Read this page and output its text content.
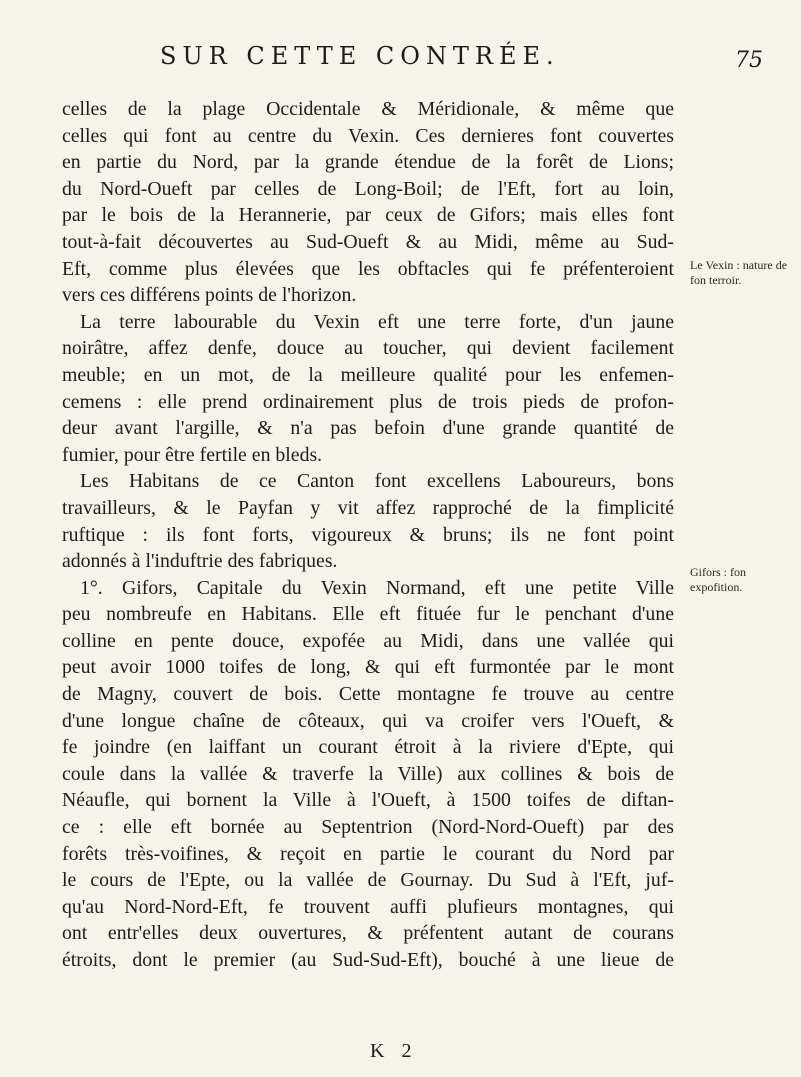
SUR CETTE CONTRÉE.	75
celles de la plage Occidentale & Méridionale, & même que
celles qui font au centre du Vexin. Ces dernieres font couvertes
en partie du Nord, par la grande étendue de la forêt de Lions;
du Nord-Oueft par celles de Long-Boil; de l'Eft, fort au loin,
par le bois de la Herannerie, par ceux de Gifors; mais elles font
tout-à-fait découvertes au Sud-Oueft & au Midi, même au Sud-
Eft, comme plus élevées que les obftacles qui fe préfenteroient
vers ces différens points de l'horizon.
La terre labourable du Vexin eft une terre forte, d'un jaune
noirâtre, affez denfe, douce au toucher, qui devient facilement
meuble; en un mot, de la meilleure qualité pour les enfemen-
cemens : elle prend ordinairement plus de trois pieds de profon-
deur avant l'argille, & n'a pas befoin d'une grande quantité de
fumier, pour être fertile en bleds.
Les Habitans de ce Canton font excellens Laboureurs, bons
travailleurs, & le Payfan y vit affez rapproché de la fimplicité
ruftique : ils font forts, vigoureux & bruns; ils ne font point
adonnés à l'induftrie des fabriques.
1°. Gifors, Capitale du Vexin Normand, eft une petite Ville
peu nombreufe en Habitans. Elle eft fituée fur le penchant d'une
colline en pente douce, expofée au Midi, dans une vallée qui
peut avoir 1000 toifes de long, & qui eft furmontée par le mont
de Magny, couvert de bois. Cette montagne fe trouve au centre
d'une longue chaîne de côteaux, qui va croifer vers l'Oueft, &
fe joindre (en laiffant un courant étroit à la riviere d'Epte, qui
coule dans la vallée & traverfe la Ville) aux collines & bois de
Néaufle, qui bornent la Ville à l'Oueft, à 1500 toifes de diftan-
ce : elle eft bornée au Septentrion (Nord-Nord-Oueft) par des
forêts très-voifines, & reçoit en partie le courant du Nord par
le cours de l'Epte, ou la vallée de Gournay. Du Sud à l'Eft, juf-
qu'au Nord-Nord-Eft, fe trouvent auffi plufieurs montagnes, qui
ont entr'elles deux ouvertures, & préfentent autant de courans
étroits, dont le premier (au Sud-Sud-Eft), bouché à une lieue de
Le Vexin : nature de fon terroir.
Gifors : fon expofition.
K 2
